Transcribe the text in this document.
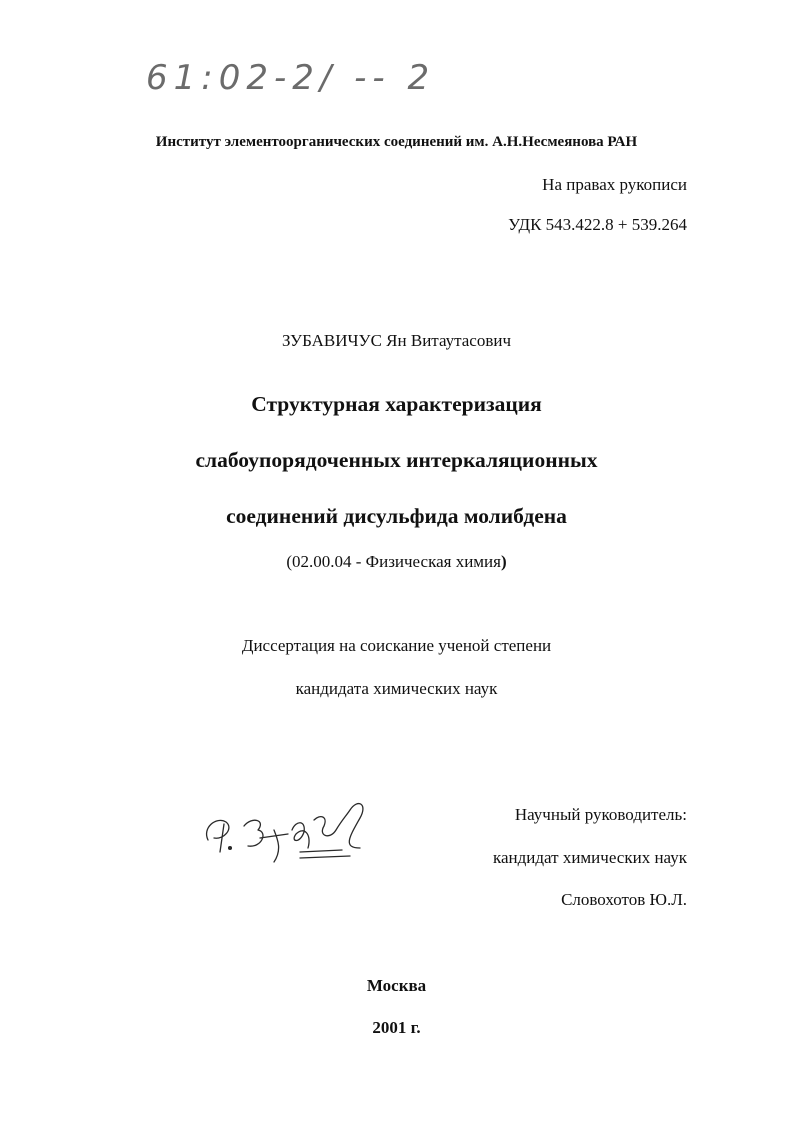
61:02-2/ -- 2
Институт элементоорганических соединений им. А.Н.Несмеянова РАН
На правах рукописи
УДК 543.422.8 + 539.264
ЗУБАВИЧУС Ян Витаутасович
Структурная характеризация
слабоупорядоченных интеркаляционных
соединений дисульфида молибдена
(02.00.04 - Физическая химия)
Диссертация на соискание ученой степени
кандидата химических наук
Научный руководитель:
кандидат химических наук
Словохотов Ю.Л.
Москва
2001 г.
